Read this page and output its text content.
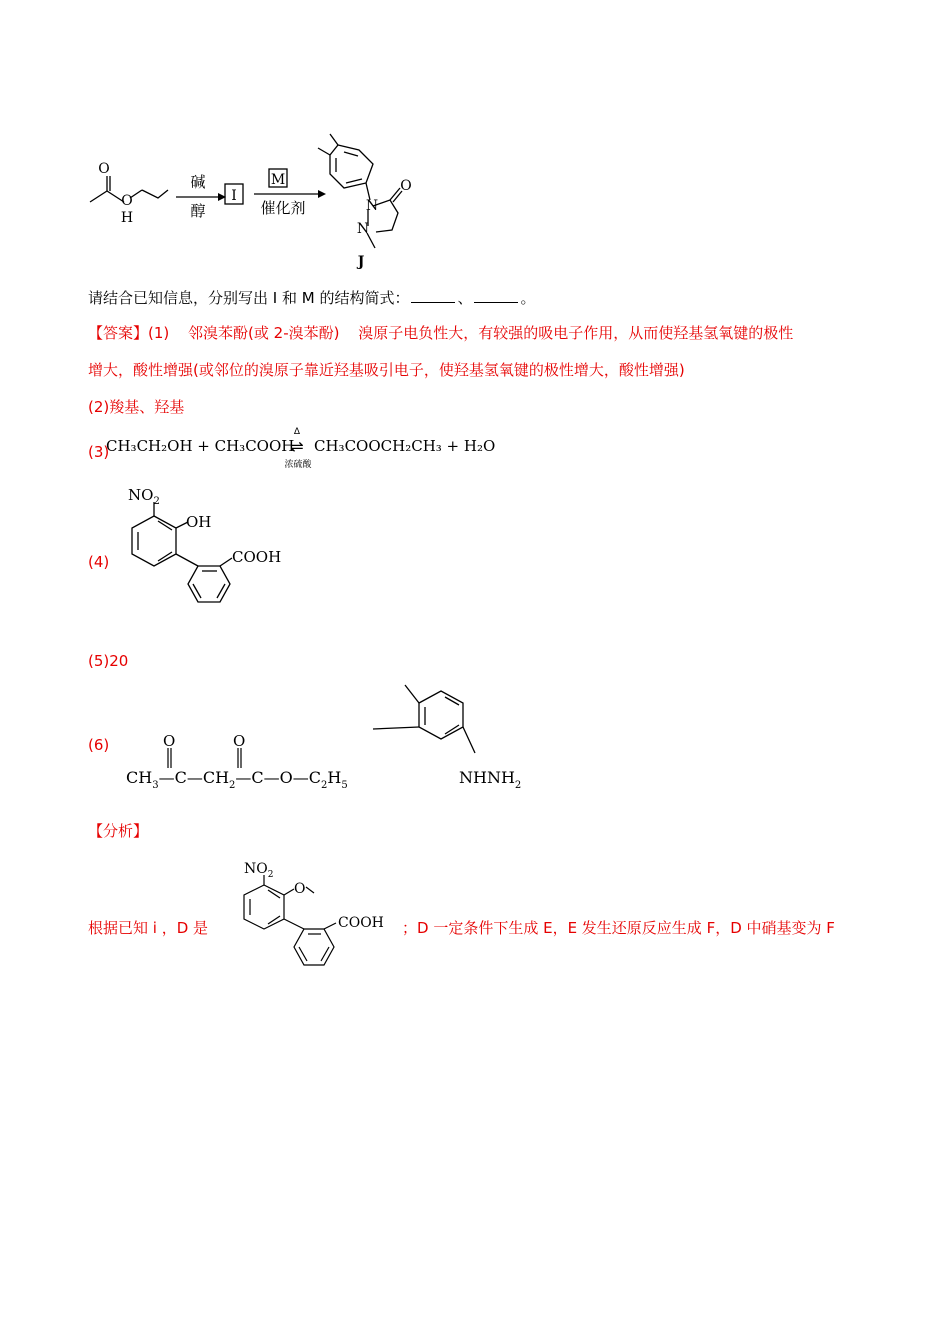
O
O
H
碱
醇
I
M
催化剂	N
N
O
J
请结合已知信息，分别写出 I 和 M 的结构简式：	、	。
【答案】(1) 邻溴苯酚(或 2-溴苯酚) 溴原子电负性大，有较强的吸电子作用，从而使羟基氢氧键的极性
增大，酸性增强(或邻位的溴原子靠近羟基吸引电子，使羟基氢氧键的极性增大，酸性增强)
(2)羧基、羟基
(3)
CH₃CH₂OH + CH₃COOH
Δ
⇌
浓硫酸
CH₃COOCH₂CH₃ + H₂O
(4)
$NO_2$
OH
COOH
(5)20
(6)	O	O
$CH_3—C—CH_2—C—O—C_2H_5$	$NHNH_2$
【分析】
根据已知 i ，D 是
$NO_2$
O
COOH ；D 一定条件下生成 E，E 发生还原反应生成 F，D 中硝基变为 F
